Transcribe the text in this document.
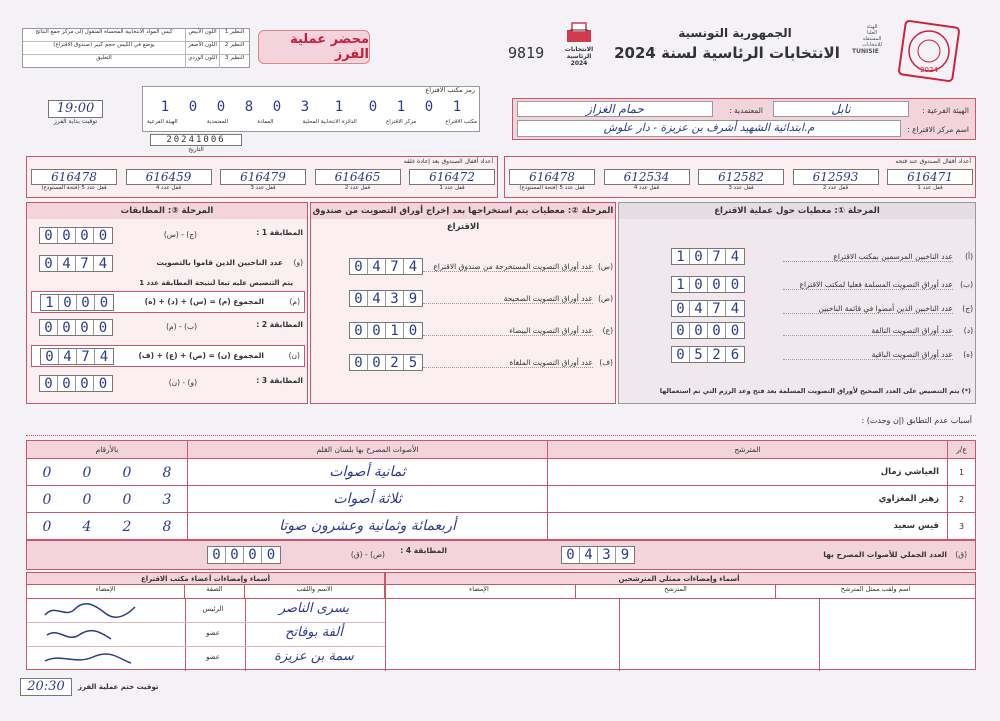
النظير 1
اللون الأبيض
كيس المواد الانتخابية المحساة المنقول إلى مركز جمع النتائج
النظير 2
اللون الأصفر
يوضع في الكيس حجم كبير (صندوق الاقتراع)
النظير 3
اللون الوردي
التعليق
محضر عملية الفرز	9819	الانتخابات الرئاسية 2024
الجمهورية التونسية
الانتخابات الرئاسية لسنة 2024
الهيئة
العليا
المستقلة
للانتخابات
TUNISIE
2024
19:00
توقيت بداية الفرز
رمز مكتب الاقتراع
1	0	0	8	0	3	1	0	1	0	1
مكتب الاقتراع
مركز الاقتراع
الدائرة الانتخابية المحلية
العمادة
المعتمدية
الهيئة الفرعية
20241006
التاريخ
الهيئة الفرعية :
نابل
المعتمدية :
حمام الغزاز
اسم مركز الاقتراع :
م.ابتدائية الشهيد أشرف بن عزيزة - دار علوش
أعداد أقفال الصندوق بعد إعادة غلقه
616472
قفل عدد 1
616465
قفل عدد 2
616479
قفل عدد 3
616459
قفل عدد 4
616478
قفل عدد 5 (فتحة المستودع)
أعداد أقفال الصندوق عند فتحه
616471
قفل عدد 1
612593
قفل عدد 2
612582
قفل عدد 3
612534
قفل عدد 4
616478
قفل عدد 5 (فتحة المستودع)
المرحلة ①: معطيات حول عملية الاقتراع
(أ)
عدد الناخبين المرسمين بمكتب الاقتراع
1 0 7 4
(ب)
عدد أوراق التصويت المسلمة فعليا لمكتب الاقتراع
1 0 0 0
(ج)
عدد الناخبين الذين أمضوا في قائمة الناخبين
0 4 7 4
(د)
عدد أوراق التصويت التالفة
0 0 0 0
(ه)
عدد أوراق التصويت الباقية
0 5 2 6
(*) يتم التنصيص على العدد الصحيح لأوراق التصويت المسلمة بعد فتح وعد الرزم التي تم استعمالها
المرحلة ②: معطيات يتم استخراجها بعد إخراج أوراق التصويت من صندوق الاقتراع
(س)
عدد أوراق التصويت المستخرجة من صندوق الاقتراع
0 4 7 4
(ص)
عدد أوراق التصويت الصحيحة
0 4 3 9
(ع)
عدد أوراق التصويت البيضاء
0 0 1 0
(ف)
عدد أوراق التصويت الملغاة
0 0 2 5
المرحلة ③: المطابقات
المطابقة 1 :
(ج) - (س)
0 0 0 0
(و)
عدد الناخبين الذين قاموا بالتصويت
0 4 7 4
يتم التنصيص عليه تبعا لنتيجة المطابقة عدد 1
(م)
المجموع (م) = (س) + (د) + (ه)
1 0 0 0
المطابقة 2 :
(ب) - (م)
0 0 0 0
(ن)
المجموع (ن) = (ص) + (ع) + (ف)
0 4 7 4
المطابقة 3 :
(و) - (ن)
0 0 0 0
أسباب عدم التطابق (إن وجدت) :
ع/ر
المترشح
الأصوات المصرح بها بلسان القلم
بالأرقام
1
العياشي زمال
ثمانية أصوات
0 0 0 8
2
زهير المغزاوي
ثلاثة أصوات
0 0 0 3
3
قيس سعيد
أربعمائة وثمانية وعشرون صوتا
0 4 2 8
(ق)
العدد الجملي للأصوات المصرح بها
0 4 3 9
المطابقة 4 :
(ص) - (ق)
0 0 0 0
أسماء وإمضاءات ممثلي المترشحين
أسماء وإمضاءات أعضاء مكتب الاقتراع
اسم ولقب ممثل المترشح
المترشح
الإمضاء
الاسم واللقب
الصفة
الإمضاء
يسرى الناصر
الرئيس
ألفة بوفاتح
عضو
سمة بن عزيزة
عضو
20:30	توقيت ختم عملية الفرز
